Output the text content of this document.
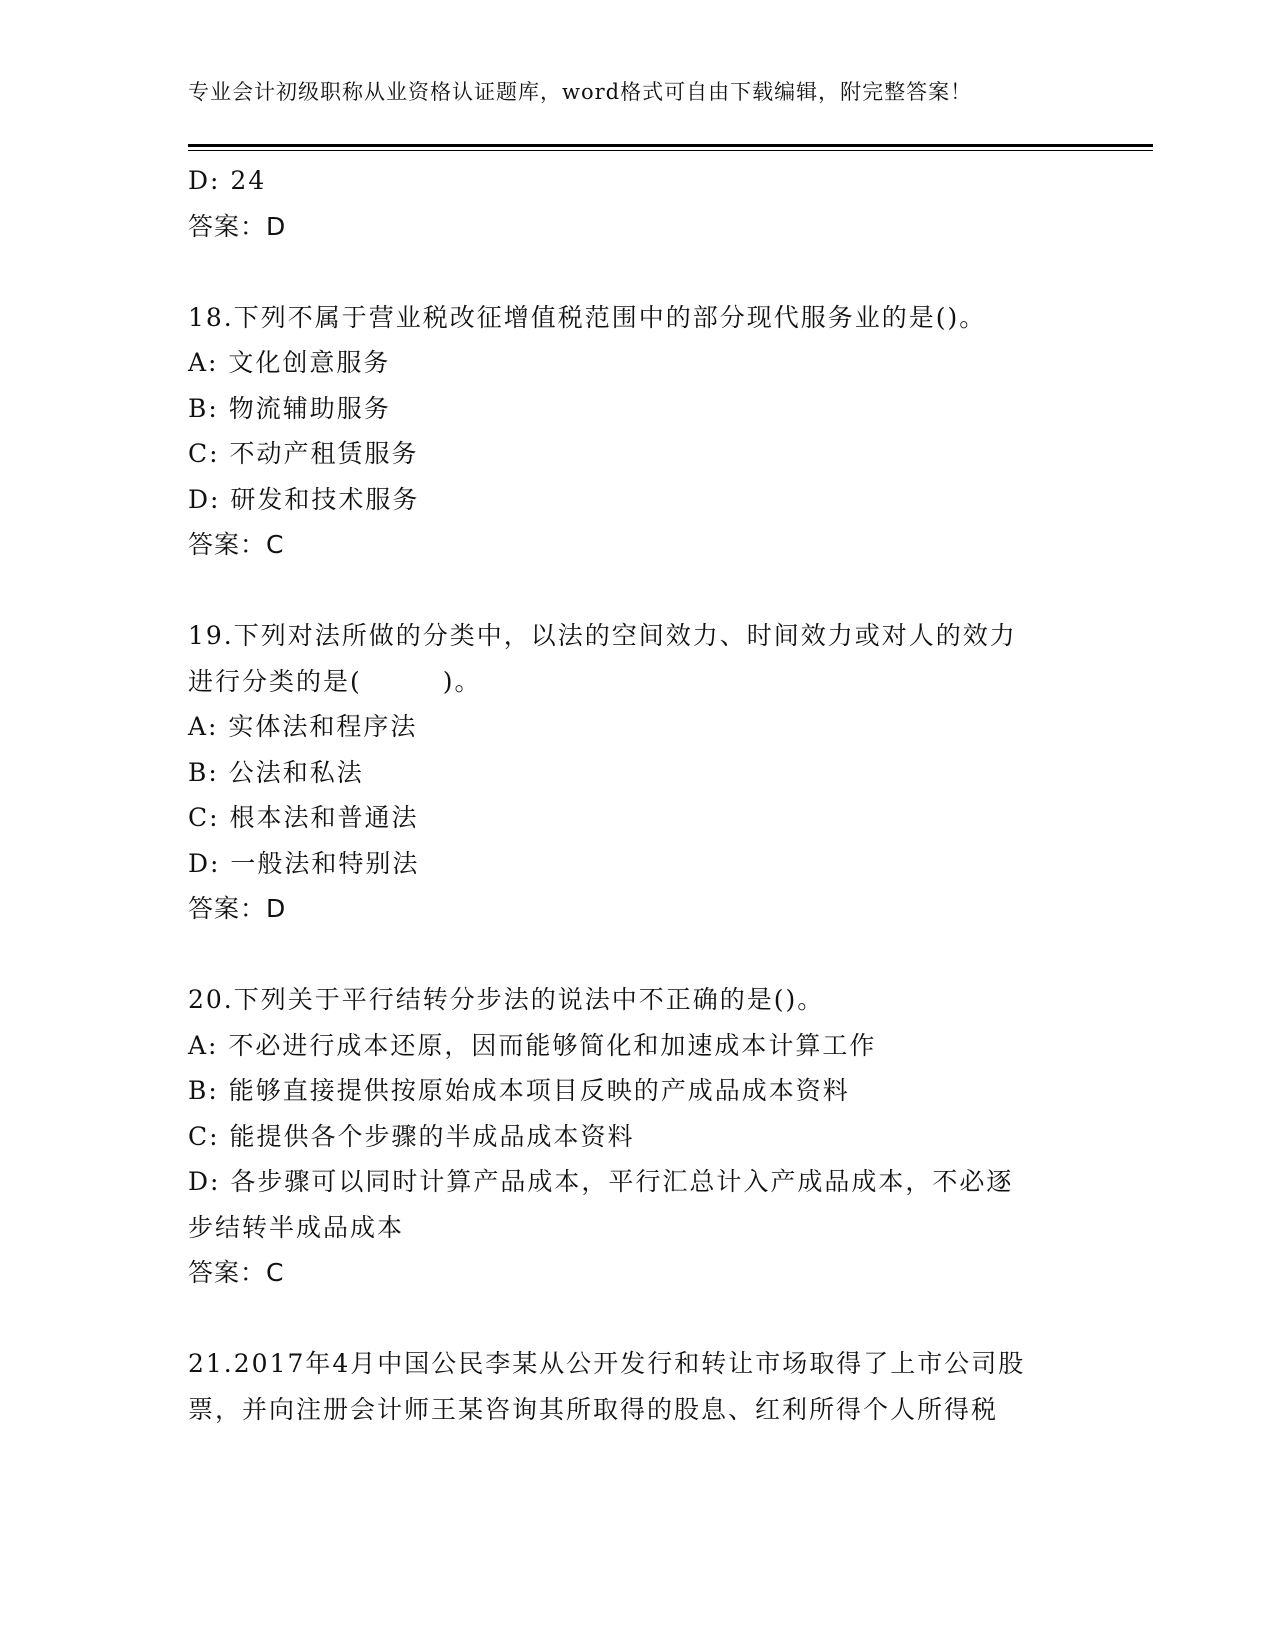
专业会计初级职称从业资格认证题库，word格式可自由下载编辑，附完整答案！
D: 24
答案：D
18.下列不属于营业税改征增值税范围中的部分现代服务业的是()。
A: 文化创意服务
B: 物流辅助服务
C: 不动产租赁服务
D: 研发和技术服务
答案：C
19.下列对法所做的分类中，以法的空间效力、时间效力或对人的效力
进行分类的是(　　　)。
A: 实体法和程序法
B: 公法和私法
C: 根本法和普通法
D: 一般法和特别法
答案：D
20.下列关于平行结转分步法的说法中不正确的是()。
A: 不必进行成本还原，因而能够简化和加速成本计算工作
B: 能够直接提供按原始成本项目反映的产成品成本资料
C: 能提供各个步骤的半成品成本资料
D: 各步骤可以同时计算产品成本，平行汇总计入产成品成本，不必逐
步结转半成品成本
答案：C
21.2017年4月中国公民李某从公开发行和转让市场取得了上市公司股
票，并向注册会计师王某咨询其所取得的股息、红利所得个人所得税
